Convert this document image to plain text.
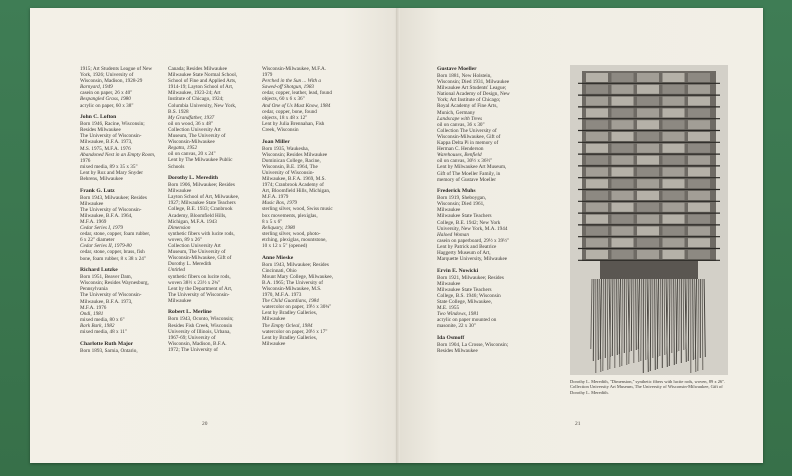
1915; Art Students League of New
York, 1926; University of
Wisconsin, Madison, 1928-29
Barnyard, 1949
casein on paper, 26 x 40"
Bespangled Grass, 1980
acrylic on paper, 60 x 38"
John C. Lofton
Born 1946, Racine, Wisconsin;
Resides Milwaukee
The University of Wisconsin-
Milwaukee, B.F.A. 1973,
M.S. 1975, M.F.A. 1976
Abandoned Nest in an Empty Room,
1976
mixed media, 89 x 35 x 35"
Lent by Roz and Mary Snyder
Behrens, Milwaukee
Frank G. Lutz
Born 1943, Milwaukee; Resides
Milwaukee
The University of Wisconsin-
Milwaukee, B.F.A. 1964,
M.F.A. 1969
Cedar Series I, 1979
cedar, stone, copper, foam rubber,
6 x 22" diameter
Cedar Series II, 1979-80
cedar, stone, copper, brass, fish
bone, foam rubber, 8 x 38 x 24"
Richard Lutzke
Born 1951, Beaver Dam,
Wisconsin; Resides Waynesburg,
Pennsylvania
The University of Wisconsin-
Milwaukee, B.F.A. 1973,
M.F.A. 1976
Ondi, 1981
mixed media, 80 x 6"
Bark Bark, 1982
mixed media, 48 x 11"
Charlotte Ruth Major
Born 1893, Sarnia, Ontario,
Canada; Resides Milwaukee
Milwaukee State Normal School,
School of Fine and Applied Arts,
1914-19; Layton School of Art,
Milwaukee, 1923-24; Art
Institute of Chicago, 1924;
Columbia University, New York,
B.S. 1928
My Grandfather, 1937
oil on wood, 36 x 48"
Collection University Art
Museum, The University of
Wisconsin-Milwaukee
Regatta, 1952
oil on canvas, 20 x 24"
Lent by The Milwaukee Public
Schools
Dorothy L. Meredith
Born 1906, Milwaukee; Resides
Milwaukee
Layton School of Art, Milwaukee,
1927; Milwaukee State Teachers
College, B.E. 1933; Cranbrook
Academy, Bloomfield Hills,
Michigan, M.F.A. 1943
Dimension
synthetic fibers with lucite rods,
woven, 89 x 26"
Collection University Art
Museum, The University of
Wisconsin-Milwaukee, Gift of
Dorothy L. Meredith
Untitled
synthetic fibers on lucite rods,
woven 38½ x 23½ x 2¾"
Lent by the Department of Art,
The University of Wisconsin-
Milwaukee
Robert L. Merline
Born 1943, Oconto, Wisconsin;
Resides Fish Creek, Wisconsin
University of Illinois, Urbana,
1967-69; University of
Wisconsin, Madison, B.F.A.
1972; The University of
Wisconsin-Milwaukee, M.F.A.
1979
Perched in the Sun ... With a
Sawed-off Shotgun, 1983
cedar, copper, leather, lead, found
objects, 60 x 6 x 36"
And One of Us Must Know, 1984
cedar, copper, bone, found
objects, 18 x 48 x 12"
Lent by Julia Brennahan, Fish
Creek, Wisconsin
Joan Miller
Born 1935, Waukesha,
Wisconsin; Resides Milwaukee
Dominican College, Racine,
Wisconsin, B.E. 1964, The
University of Wisconsin-
Milwaukee, B.F.A. 1969, M.S.
1974; Cranbrook Academy of
Art, Bloomfield Hills, Michigan,
M.F.A. 1979
Music Box, 1979
sterling silver, wood, Swiss music
box movements, plexiglas,
8 x 5 x 6"
Reliquary, 1980
sterling silver, wood, photo-
etching, plexiglas, mountstone,
10 x 12 x 5" (opened)
Anne Mieske
Born 1943, Milwaukee; Resides
Cincinnati, Ohio
Mount Mary College, Milwaukee,
B.A. 1965; The University of
Wisconsin-Milwaukee, M.S.
1970, M.F.A. 1973
The Child Guardians, 1984
watercolor on paper, 19½ x 30¾"
Lent by Bradley Galleries,
Milwaukee
The Empty Ocleal, 1984
watercolor on paper, 20½ x 17"
Lent by Bradley Galleries,
Milwaukee
Gustave Moeller
Born 1881, New Holstein,
Wisconsin; Died 1931, Milwaukee
Milwaukee Art Students' League;
National Academy of Design, New
York; Art Institute of Chicago;
Royal Academy of Fine Arts,
Munich, Germany
Landscape with Trees
oil on canvas, 36 x 30"
Collection The University of
Wisconsin-Milwaukee, Gift of
Kappa Delta Pi in memory of
Herman C. Henderson
Warehouses, Benfield
oil on canvas, 30½ x 36½"
Lent by Milwaukee Art Museum,
Gift of The Moeller Family, in
memory of Gustave Moeller
Frederick Muhs
Born 1919, Sheboygan,
Wisconsin; Died 1961,
Milwaukee
Milwaukee State Teachers
College, B.E. 1942; New York
University, New York, M.A. 1944
Haloed Woman
casein on paperboard, 29½ x 39½"
Lent by Patrick and Beatrice
Haggerty Museum of Art,
Marquette University, Milwaukee
Ervin E. Nowicki
Born 1921, Milwaukee; Resides
Milwaukee
Milwaukee State Teachers
College, B.S. 1946; Wisconsin
State College, Milwaukee,
M.E. 1955
Two Windows, 1981
acrylic on paper mounted on
masonite, 22 x 30"
Ida Osmoff
Born 1904, La Crosse, Wisconsin;
Resides Milwaukee
20	21
Dorothy L. Meredith, "Dimension," synthetic fibers with lucite rods, woven, 89 x 26". Collection University Art Museum, The University of Wisconsin-Milwaukee, Gift of Dorothy L. Meredith.
